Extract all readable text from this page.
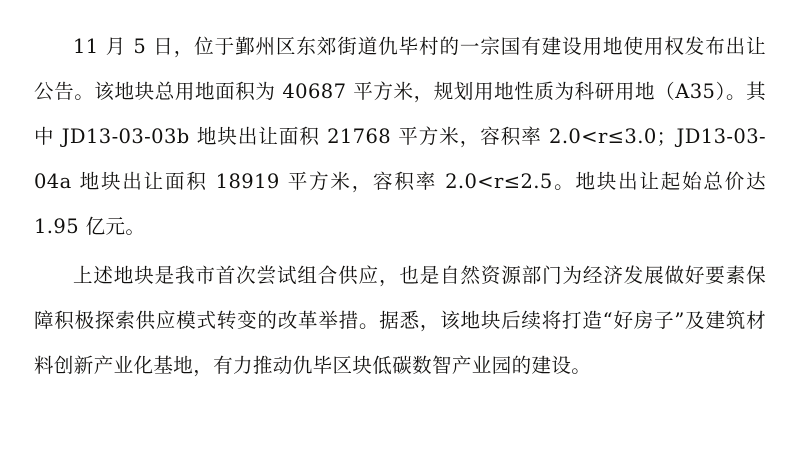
11 月 5 日，位于鄞州区东郊街道仇毕村的一宗国有建设用地使用权发布出让公告。该地块总用地面积为 40687 平方米，规划用地性质为科研用地（A35）。其中 JD13-03-03b 地块出让面积 21768 平方米，容积率 2.0<r≤3.0；JD13-03-04a 地块出让面积 18919 平方米，容积率 2.0<r≤2.5。地块出让起始总价达 1.95 亿元。

上述地块是我市首次尝试组合供应，也是自然资源部门为经济发展做好要素保障积极探索供应模式转变的改革举措。据悉，该地块后续将打造“好房子”及建筑材料创新产业化基地，有力推动仇毕区块低碳数智产业园的建设。
